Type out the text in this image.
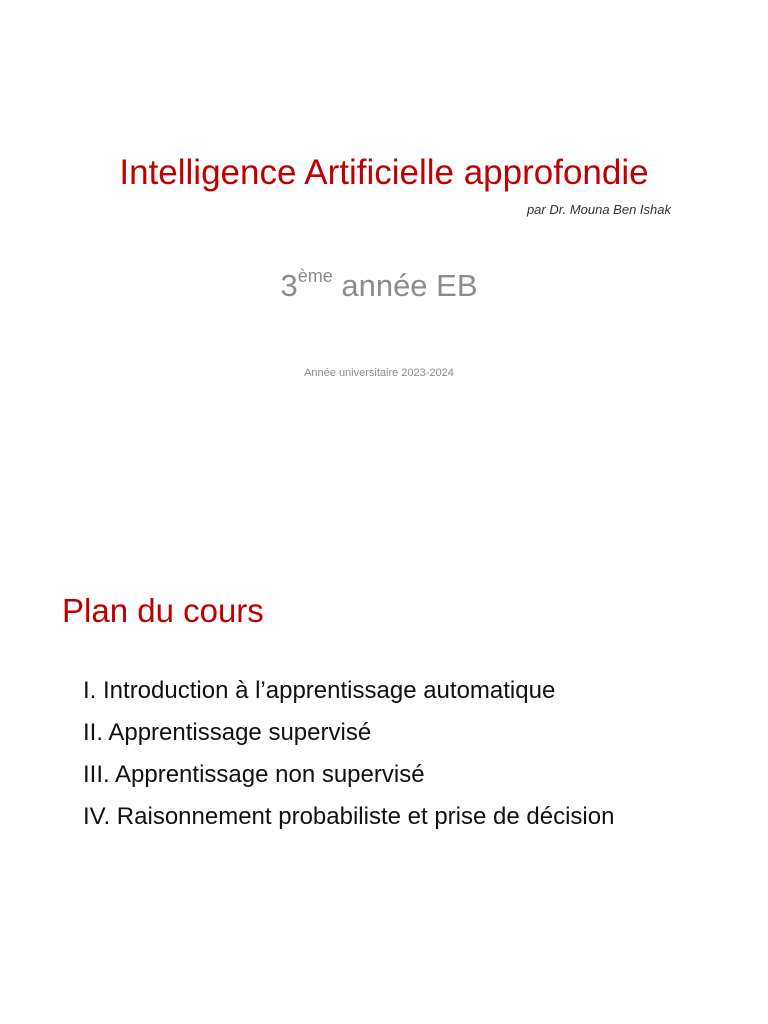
Intelligence Artificielle approfondie
par Dr. Mouna Ben Ishak
3ème année EB
Année universitaire 2023-2024
Plan du cours
I. Introduction à l’apprentissage automatique
II. Apprentissage supervisé
III. Apprentissage non supervisé
IV. Raisonnement probabiliste et prise de décision
